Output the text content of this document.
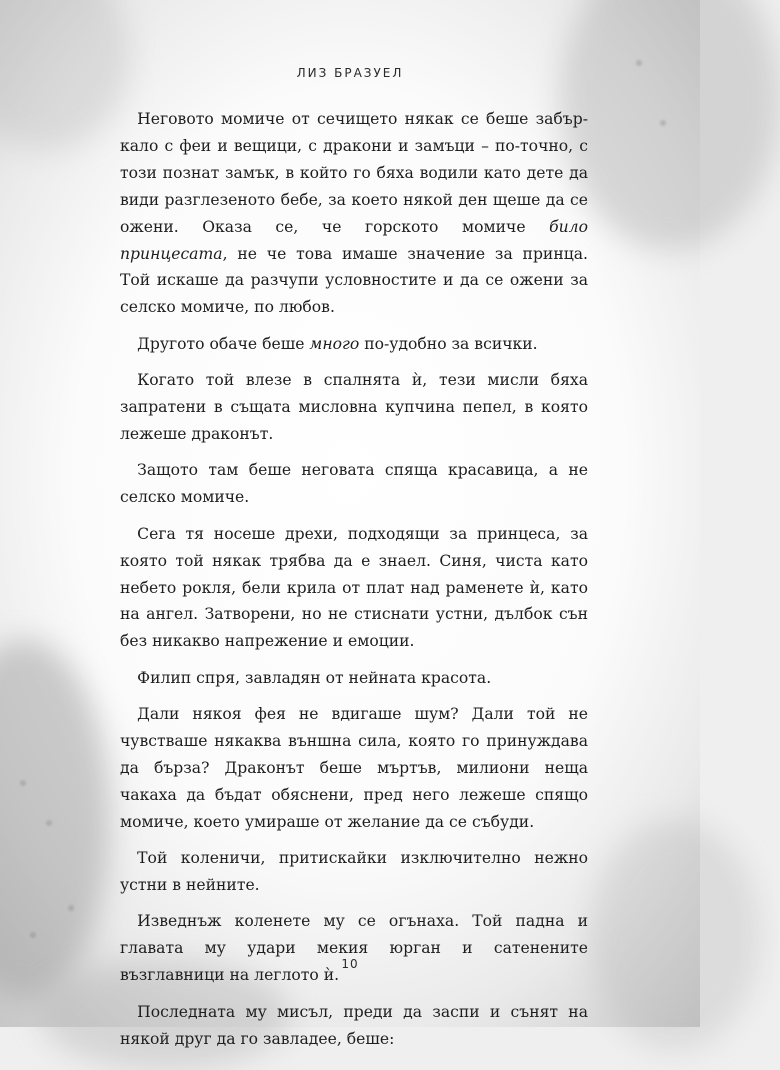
ЛИЗ БРАЗУЕЛ

Неговото момиче от сечището някак се беше забъркало с феи и вещици, с дракони и замъци – по-точно, с този познат замък, в който го бяха водили като дете да види разглезеното бебе, за което някой ден щеше да се ожени. Оказа се, че горското момиче било принцесата, не че това имаше значение за принца. Той искаше да разчупи условностите и да се ожени за селско момиче, по любов.

Другото обаче беше много по-удобно за всички.

Когато той влезе в спалнята ѝ, тези мисли бяха запратени в същата мисловна купчина пепел, в която лежеше драконът.

Защото там беше неговата спяща красавица, а не селско момиче.

Сега тя носеше дрехи, подходящи за принцеса, за която той някак трябва да е знаел. Синя, чиста като небето рокля, бели крила от плат над раменете ѝ, като на ангел. Затворени, но не стиснати устни, дълбок сън без никакво напрежение и емоции.

Филип спря, завладян от нейната красота.

Дали някоя фея не вдигаше шум? Дали той не чувстваше някаква външна сила, която го принуждава да бърза? Драконът беше мъртъв, милиони неща чакаха да бъдат обяснени, пред него лежеше спящо момиче, което умираше от желание да се събуди.

Той коленичи, притискайки изключително нежно устни в нейните.

Изведнъж коленете му се огънаха. Той падна и главата му удари мекия юрган и сатенените възглавници на леглото ѝ.

Последната му мисъл, преди да заспи и сънят на някой друг да го завладее, беше:

10
